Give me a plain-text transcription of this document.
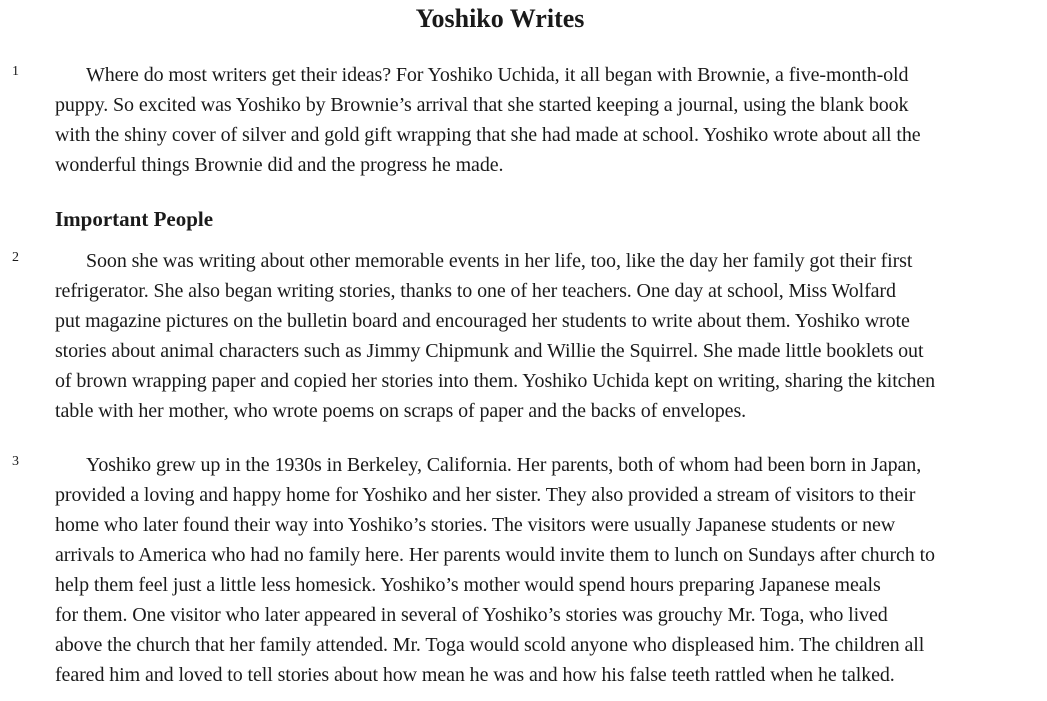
Yoshiko Writes
1	Where do most writers get their ideas? For Yoshiko Uchida, it all began with Brownie, a five-month-old
puppy. So excited was Yoshiko by Brownie’s arrival that she started keeping a journal, using the blank book
with the shiny cover of silver and gold gift wrapping that she had made at school. Yoshiko wrote about all the
wonderful things Brownie did and the progress he made.

Important People
2	Soon she was writing about other memorable events in her life, too, like the day her family got their first
refrigerator. She also began writing stories, thanks to one of her teachers. One day at school, Miss Wolfard
put magazine pictures on the bulletin board and encouraged her students to write about them. Yoshiko wrote
stories about animal characters such as Jimmy Chipmunk and Willie the Squirrel. She made little booklets out
of brown wrapping paper and copied her stories into them. Yoshiko Uchida kept on writing, sharing the kitchen
table with her mother, who wrote poems on scraps of paper and the backs of envelopes.

3	Yoshiko grew up in the 1930s in Berkeley, California. Her parents, both of whom had been born in Japan,
provided a loving and happy home for Yoshiko and her sister. They also provided a stream of visitors to their
home who later found their way into Yoshiko’s stories. The visitors were usually Japanese students or new
arrivals to America who had no family here. Her parents would invite them to lunch on Sundays after church to
help them feel just a little less homesick. Yoshiko’s mother would spend hours preparing Japanese meals
for them. One visitor who later appeared in several of Yoshiko’s stories was grouchy Mr. Toga, who lived
above the church that her family attended. Mr. Toga would scold anyone who displeased him. The children all
feared him and loved to tell stories about how mean he was and how his false teeth rattled when he talked.
